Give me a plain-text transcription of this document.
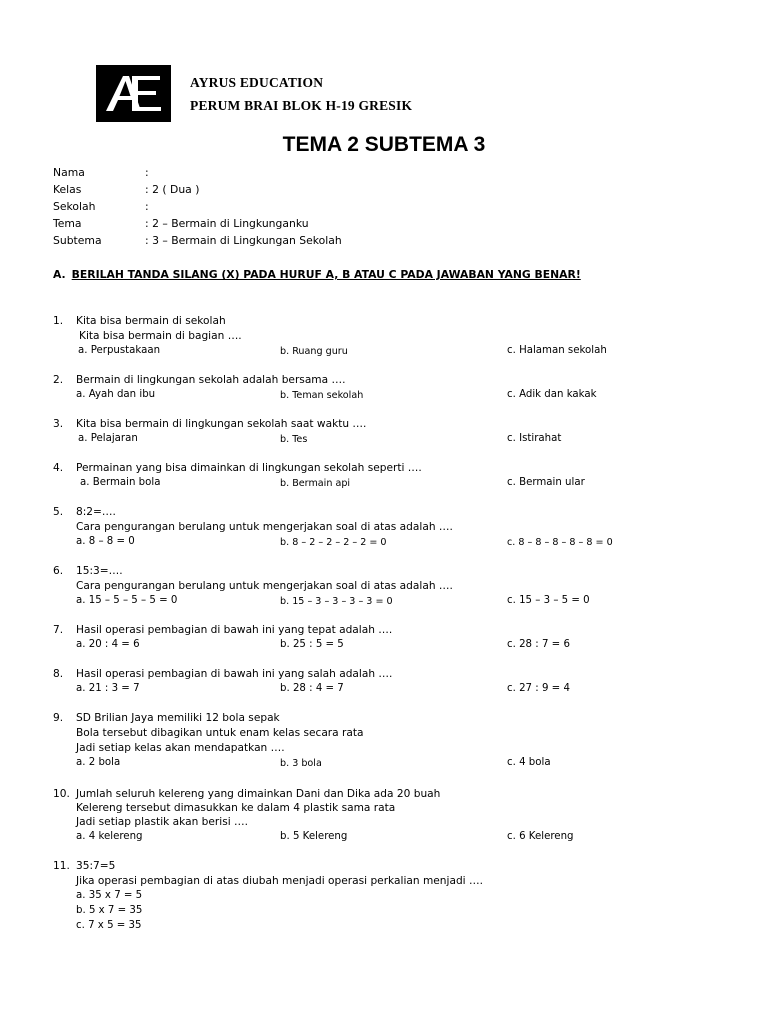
AYRUS EDUCATION
PERUM BRAI BLOK H-19 GRESIK
TEMA 2 SUBTEMA 3
Nama	:
Kelas	: 2 ( Dua )
Sekolah	:
Tema	: 2 – Bermain di Lingkunganku
Subtema	: 3 – Bermain di Lingkungan Sekolah
A. BERILAH TANDA SILANG (X) PADA HURUF A, B ATAU C PADA JAWABAN YANG BENAR!
1. Kita bisa bermain di sekolah
Kita bisa bermain di bagian ….
a. Perpustakaan	b. Ruang guru	c. Halaman sekolah
2. Bermain di lingkungan sekolah adalah bersama ….
a. Ayah dan ibu	b. Teman sekolah	c. Adik dan kakak
3. Kita bisa bermain di lingkungan sekolah saat waktu ….
a. Pelajaran	b. Tes	c. Istirahat
4. Permainan yang bisa dimainkan di lingkungan sekolah seperti ….
a. Bermain bola	b. Bermain api	c. Bermain ular
5. 8:2=….
Cara pengurangan berulang untuk mengerjakan soal di atas adalah ….
a. 8 – 8 = 0	b. 8 – 2 – 2 – 2 – 2 = 0	c. 8 – 8 – 8 – 8 – 8 = 0
6. 15:3=….
Cara pengurangan berulang untuk mengerjakan soal di atas adalah ….
a. 15 – 5 – 5 – 5 = 0	b. 15 – 3 – 3 – 3 – 3 = 0	c. 15 – 3 – 5 = 0
7. Hasil operasi pembagian di bawah ini yang tepat adalah ….
a. 20 : 4 = 6	b. 25 : 5 = 5	c. 28 : 7 = 6
8. Hasil operasi pembagian di bawah ini yang salah adalah ….
a. 21 : 3 = 7	b. 28 : 4 = 7	c. 27 : 9 = 4
9. SD Brilian Jaya memiliki 12 bola sepak
Bola tersebut dibagikan untuk enam kelas secara rata
Jadi setiap kelas akan mendapatkan ….
a. 2 bola	b. 3 bola	c. 4 bola
10. Jumlah seluruh kelereng yang dimainkan Dani dan Dika ada 20 buah
Kelereng tersebut dimasukkan ke dalam 4 plastik sama rata
Jadi setiap plastik akan berisi ….
a. 4 kelereng	b. 5 Kelereng	c. 6 Kelereng
11. 35:7=5
Jika operasi pembagian di atas diubah menjadi operasi perkalian menjadi ….
a. 35 x 7 = 5
b. 5 x 7 = 35
c. 7 x 5 = 35
